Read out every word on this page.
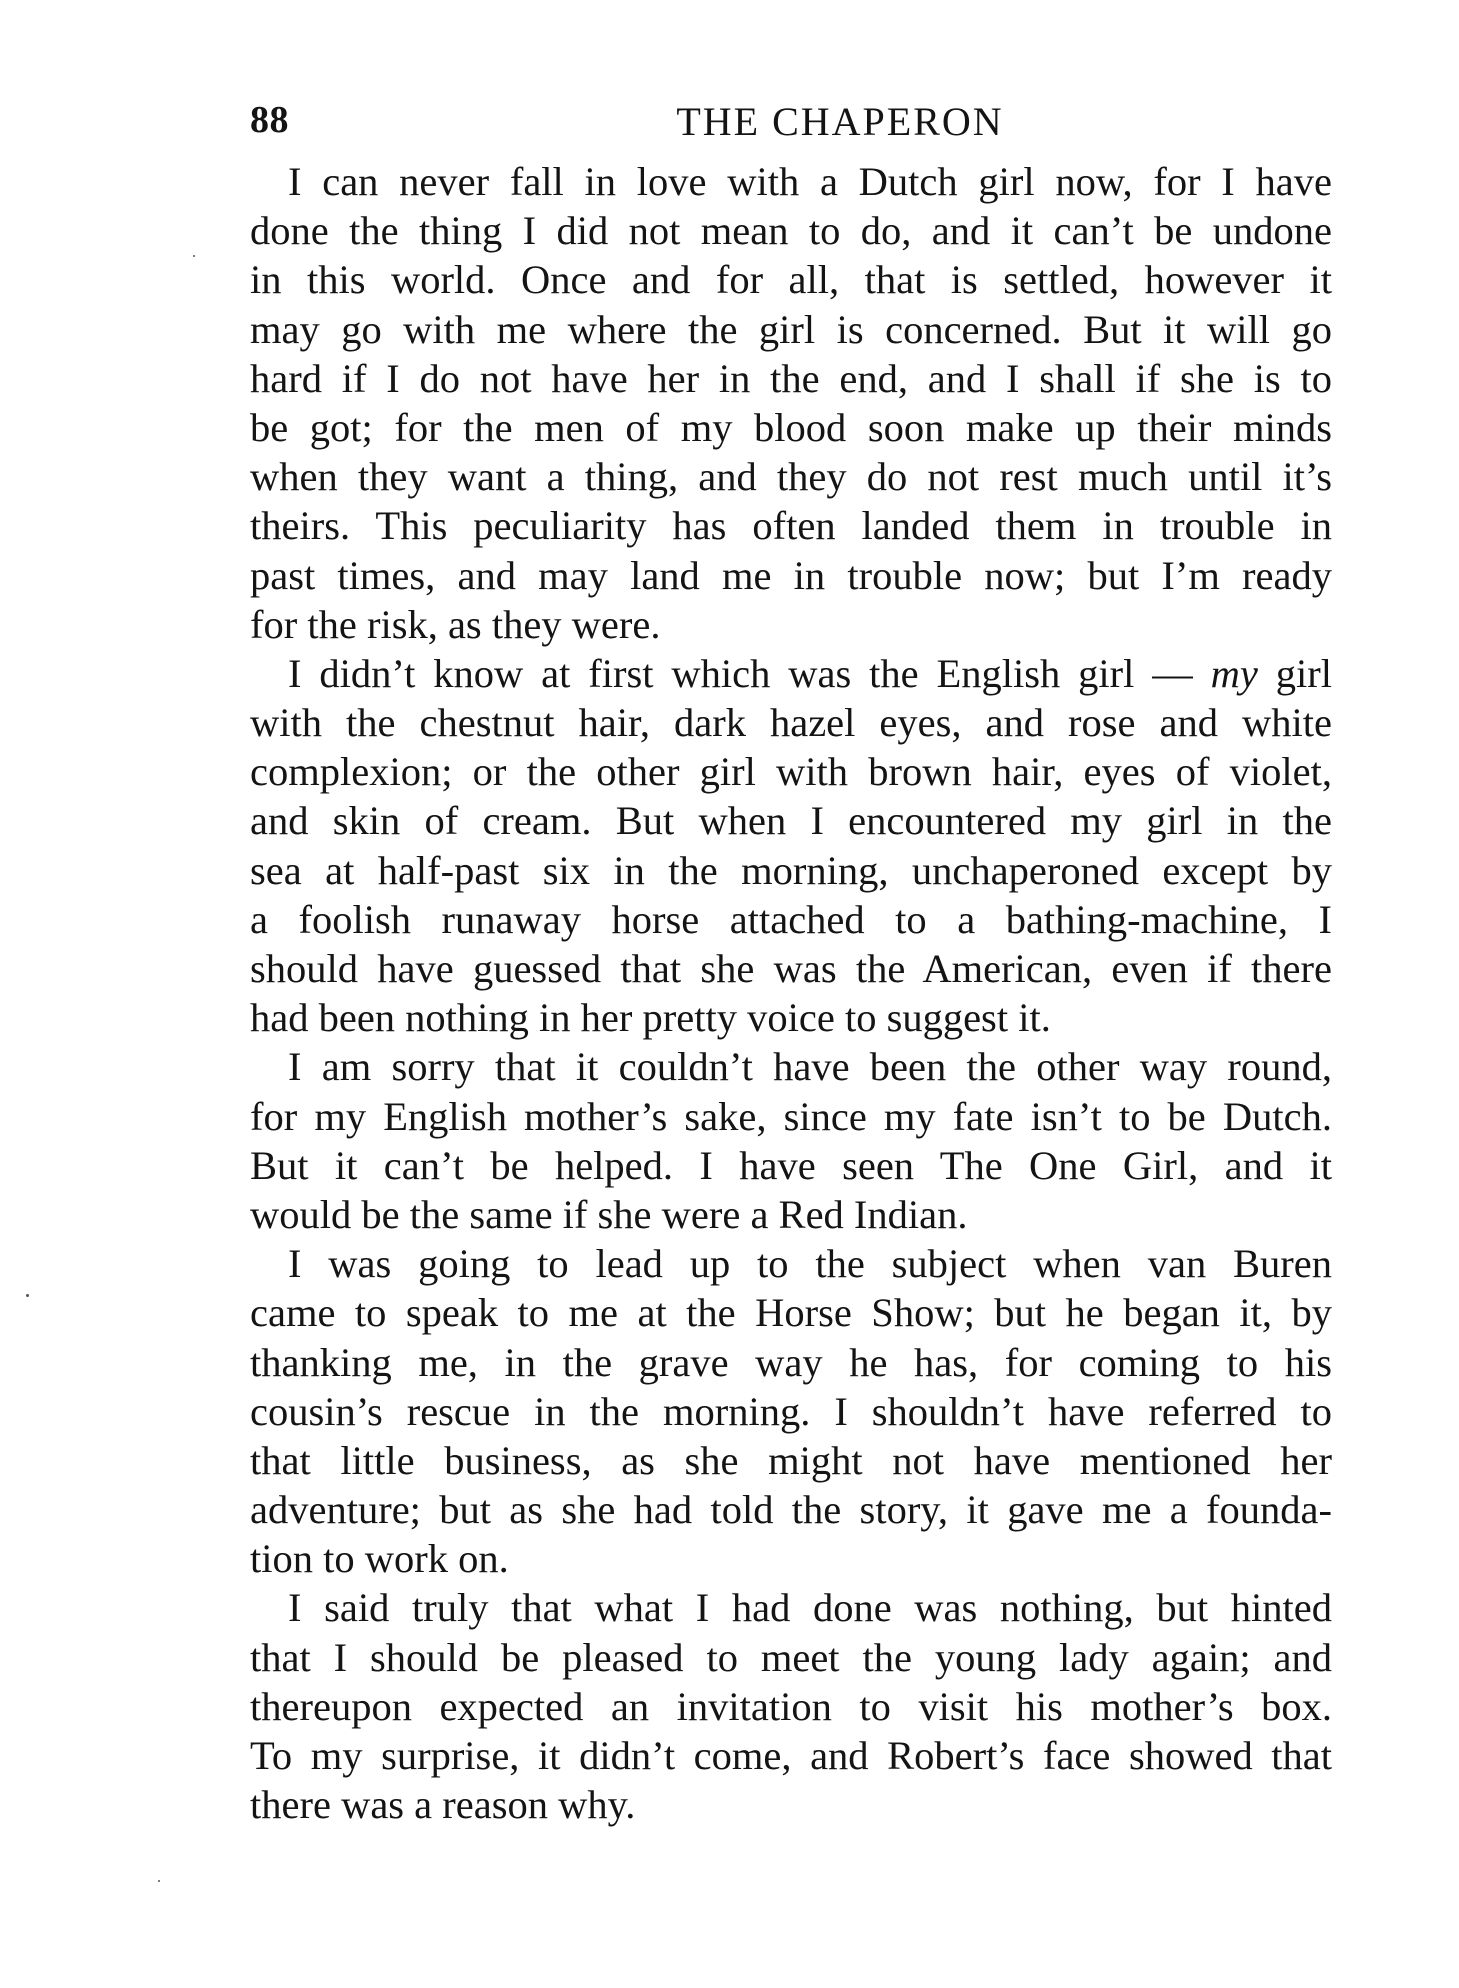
88	THE CHAPERON

I can never fall in love with a Dutch girl now, for I have
done the thing I did not mean to do, and it can’t be undone
in this world. Once and for all, that is settled, however it
may go with me where the girl is concerned. But it will go
hard if I do not have her in the end, and I shall if she is to
be got; for the men of my blood soon make up their minds
when they want a thing, and they do not rest much until it’s
theirs. This peculiarity has often landed them in trouble in
past times, and may land me in trouble now; but I’m ready
for the risk, as they were.

I didn’t know at first which was the English girl — my girl
with the chestnut hair, dark hazel eyes, and rose and white
complexion; or the other girl with brown hair, eyes of violet,
and skin of cream. But when I encountered my girl in the
sea at half-past six in the morning, unchaperoned except by
a foolish runaway horse attached to a bathing-machine, I
should have guessed that she was the American, even if there
had been nothing in her pretty voice to suggest it.

I am sorry that it couldn’t have been the other way round,
for my English mother’s sake, since my fate isn’t to be Dutch.
But it can’t be helped. I have seen The One Girl, and it
would be the same if she were a Red Indian.

I was going to lead up to the subject when van Buren
came to speak to me at the Horse Show; but he began it, by
thanking me, in the grave way he has, for coming to his
cousin’s rescue in the morning. I shouldn’t have referred to
that little business, as she might not have mentioned her
adventure; but as she had told the story, it gave me a founda-
tion to work on.

I said truly that what I had done was nothing, but hinted
that I should be pleased to meet the young lady again; and
thereupon expected an invitation to visit his mother’s box.
To my surprise, it didn’t come, and Robert’s face showed that
there was a reason why.
